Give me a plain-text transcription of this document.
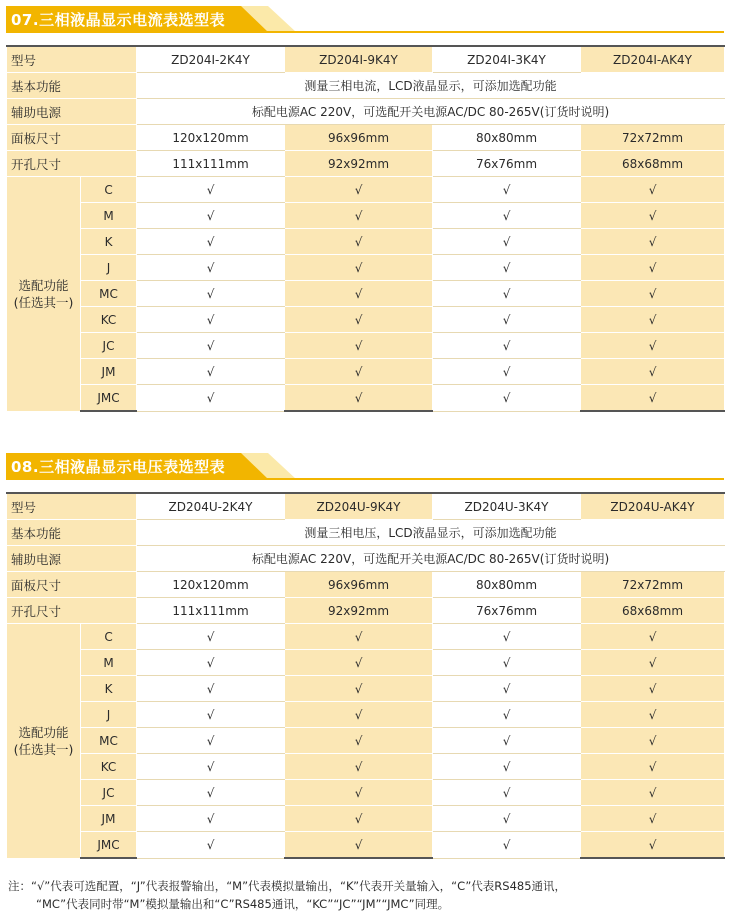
07.三相液晶显示电流表选型表
型号		ZD204I-2K4Y	ZD204I-9K4Y	ZD204I-3K4Y	ZD204I-AK4Y
基本功能		测量三相电流，LCD液晶显示，可添加选配功能			
辅助电源		标配电源AC 220V，可选配开关电源AC/DC 80-265V(订货时说明)			
面板尺寸		120x120mm	96x96mm	80x80mm	72x72mm
开孔尺寸		111x111mm	92x92mm	76x76mm	68x68mm

选配功能
(任选其一)	C	√	√	√	√
	M	√	√	√	√
	K	√	√	√	√
	J	√	√	√	√
	MC	√	√	√	√
	KC	√	√	√	√
	JC	√	√	√	√
	JM	√	√	√	√
	JMC	√	√	√	√
08.三相液晶显示电压表选型表
型号		ZD204U-2K4Y	ZD204U-9K4Y	ZD204U-3K4Y	ZD204U-AK4Y
基本功能		测量三相电压，LCD液晶显示，可添加选配功能			
辅助电源		标配电源AC 220V，可选配开关电源AC/DC 80-265V(订货时说明)			
面板尺寸		120x120mm	96x96mm	80x80mm	72x72mm
开孔尺寸		111x111mm	92x92mm	76x76mm	68x68mm

选配功能
(任选其一)	C	√	√	√	√
	M	√	√	√	√
	K	√	√	√	√
	J	√	√	√	√
	MC	√	√	√	√
	KC	√	√	√	√
	JC	√	√	√	√
	JM	√	√	√	√
	JMC	√	√	√	√
注：“√”代表可选配置，“J”代表报警输出，“M”代表模拟量输出，“K”代表开关量输入，“C”代表RS485通讯，
“MC”代表同时带“M”模拟量输出和“C”RS485通讯，“KC”“JC”“JM”“JMC”同理。
